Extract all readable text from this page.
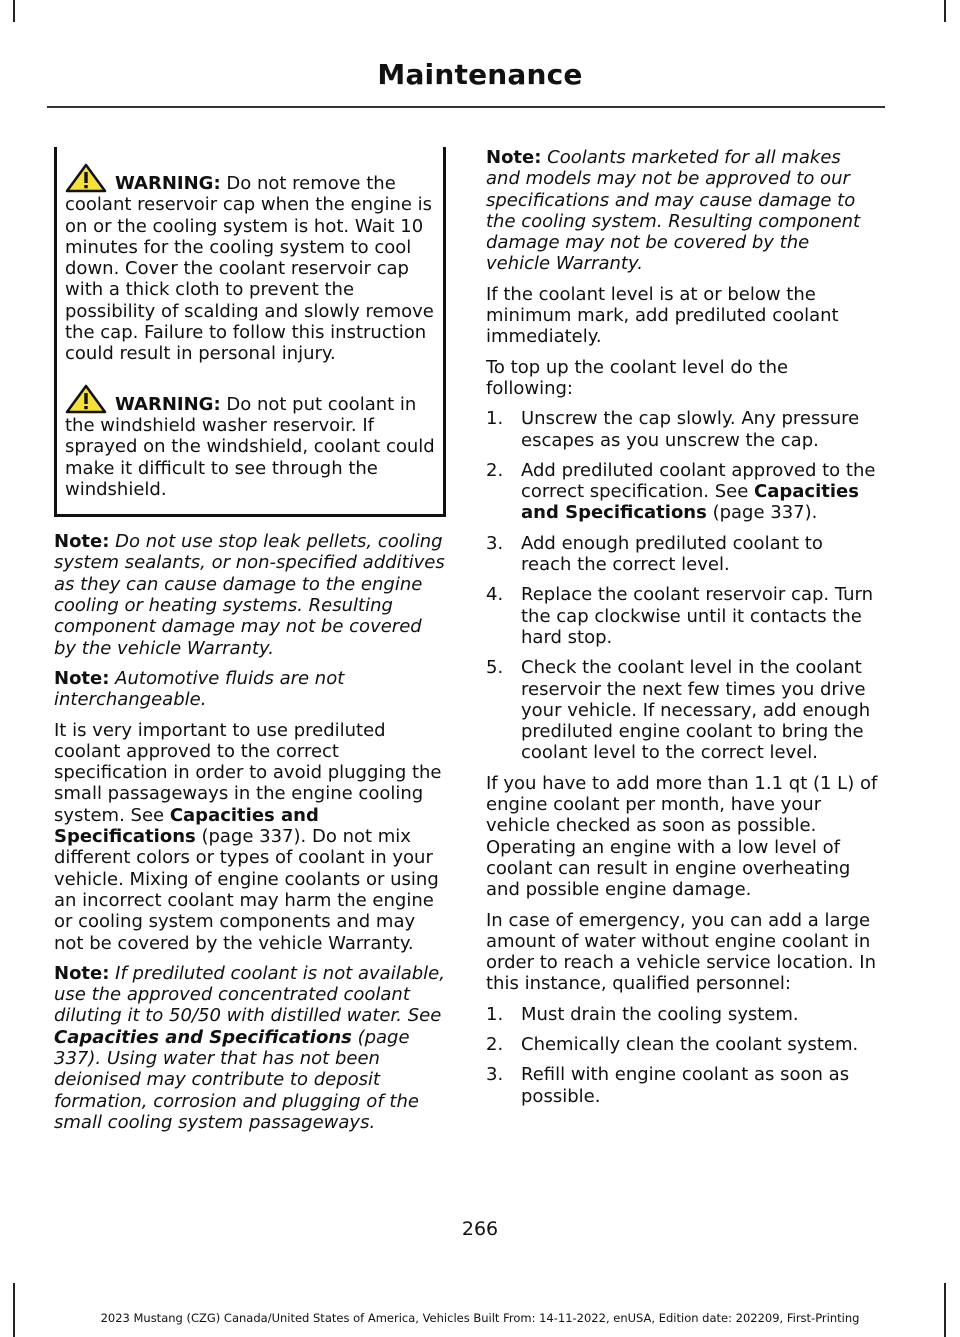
Maintenance

WARNING: Do not remove the coolant reservoir cap when the engine is on or the cooling system is hot. Wait 10 minutes for the cooling system to cool down. Cover the coolant reservoir cap with a thick cloth to prevent the possibility of scalding and slowly remove the cap. Failure to follow this instruction could result in personal injury.

WARNING: Do not put coolant in the windshield washer reservoir. If sprayed on the windshield, coolant could make it difficult to see through the windshield.

Note: Do not use stop leak pellets, cooling system sealants, or non-specified additives as they can cause damage to the engine cooling or heating systems. Resulting component damage may not be covered by the vehicle Warranty.

Note: Automotive fluids are not interchangeable.

It is very important to use prediluted coolant approved to the correct specification in order to avoid plugging the small passageways in the engine cooling system. See Capacities and Specifications (page 337). Do not mix different colors or types of coolant in your vehicle. Mixing of engine coolants or using an incorrect coolant may harm the engine or cooling system components and may not be covered by the vehicle Warranty.

Note: If prediluted coolant is not available, use the approved concentrated coolant diluting it to 50/50 with distilled water. See Capacities and Specifications (page 337). Using water that has not been deionised may contribute to deposit formation, corrosion and plugging of the small cooling system passageways.

Note: Coolants marketed for all makes and models may not be approved to our specifications and may cause damage to the cooling system. Resulting component damage may not be covered by the vehicle Warranty.

If the coolant level is at or below the minimum mark, add prediluted coolant immediately.

To top up the coolant level do the following:

1. Unscrew the cap slowly. Any pressure escapes as you unscrew the cap.
2. Add prediluted coolant approved to the correct specification. See Capacities and Specifications (page 337).
3. Add enough prediluted coolant to reach the correct level.
4. Replace the coolant reservoir cap. Turn the cap clockwise until it contacts the hard stop.
5. Check the coolant level in the coolant reservoir the next few times you drive your vehicle. If necessary, add enough prediluted engine coolant to bring the coolant level to the correct level.

If you have to add more than 1.1 qt (1 L) of engine coolant per month, have your vehicle checked as soon as possible. Operating an engine with a low level of coolant can result in engine overheating and possible engine damage.

In case of emergency, you can add a large amount of water without engine coolant in order to reach a vehicle service location. In this instance, qualified personnel:

1. Must drain the cooling system.
2. Chemically clean the coolant system.
3. Refill with engine coolant as soon as possible.
266
2023 Mustang (CZG) Canada/United States of America, Vehicles Built From: 14-11-2022, enUSA, Edition date: 202209, First-Printing
